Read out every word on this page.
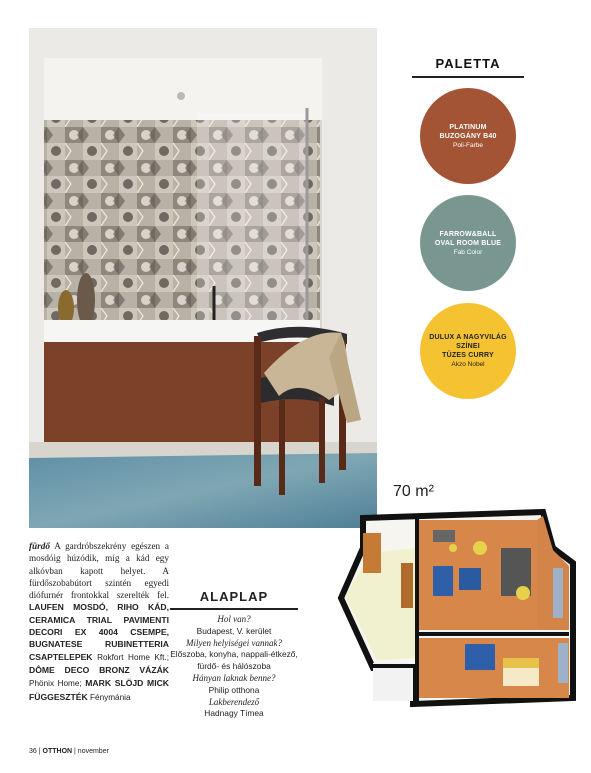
PALETTA
PLATINUM
BUZOGÁNY B40
Poli-Farbe
FARROW&BALL
OVAL ROOM BLUE
Fab Color
DULUX A NAGYVILÁG SZÍNEI
TÜZES CURRY
Akzo Nobel
70 m²
fürdő A gardróbszekrény egészen a mosdóig húzódik, míg a kád egy alkóvban kapott helyet. A fürdőszobabútort szintén egyedi diófurnér frontokkal szerelték fel. LAUFEN MOSDÓ, RIHO KÁD, CERAMICA TRIAL PAVIMENTI DECORI EX 4004 CSEMPE, BUGNATESE RUBINETTERIA CSAPTELEPEK Rokfort Home Kft.; DÔME DECO BRONZ VÁZÁK Phönix Home; MARK SLÖJD MICK FÜGGESZTÉK Fénymánia
ALAPLAP
Hol van?
Budapest, V. kerület
Milyen helyiségei vannak?
Előszoba, konyha, nappali-étkező, fürdő- és hálószoba
Hányan laknak benne?
Philip otthona
Lakberendező
Hadnagy Tímea
36 | OTTHON | november
